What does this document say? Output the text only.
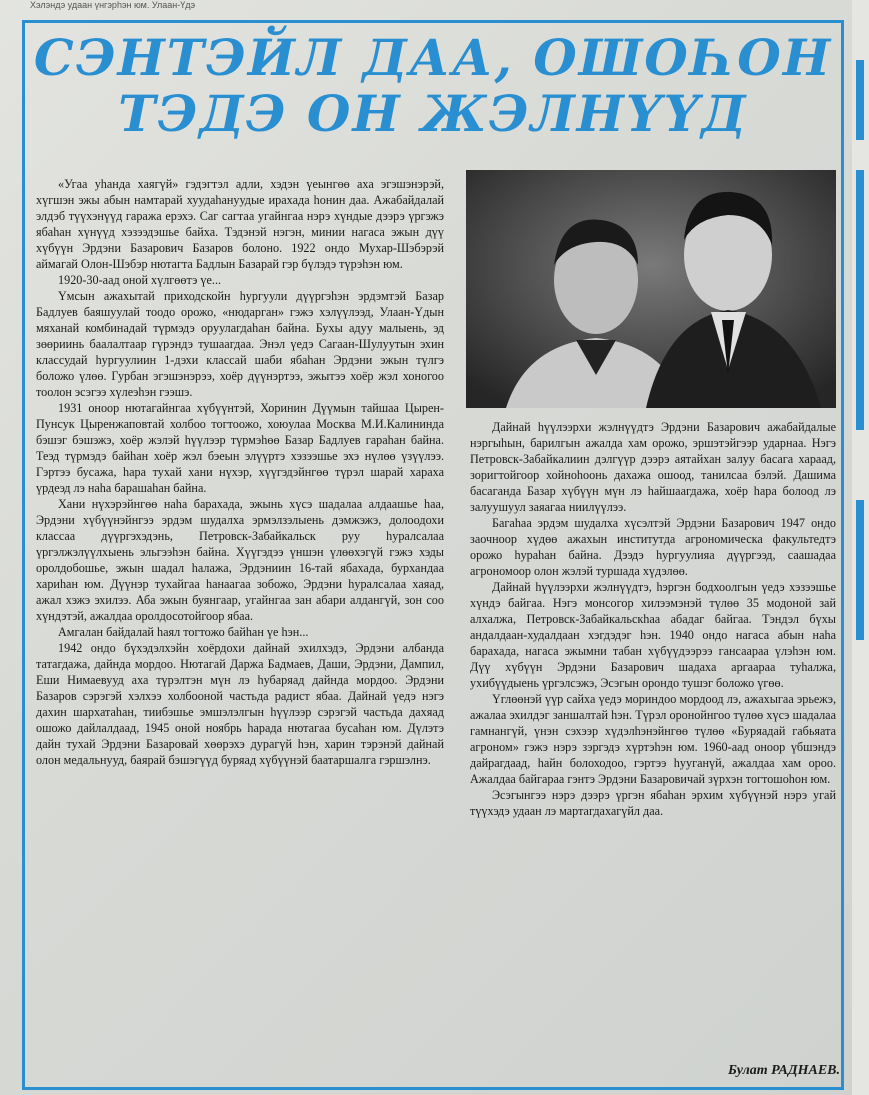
Хэлэндэ удаан үнгэрһэн юм. Улаан-Үдэ
СЭНТЭЙЛ ДАА, ОШОҺОН
ТЭДЭ ОН ЖЭЛНҮҮД

«Угаа уһанда хаягүй» гэдэгтэл адли, хэдэн үеынгөө аха эгэшэнэрэй, хүгшэн эжы абын намтарай хуудаһануудые ирахада һонин даа. Ажабайдалай элдэб түүхэнүүд гаража ерэхэ. Саг сагтаа угайнгаа нэрэ хүндые дээрэ үргэжэ ябаһан хүнүүд хэзээдэшье байха. Тэдэнэй нэгэн, минии нагаса эжын дүү хүбүүн Эрдэни Базарович Базаров болоно. 1922 ондо Мухар-Шэбэрэй аймагай Олон-Шэбэр нютагта Бадлын Базарай гэр бүлэдэ түрэһэн юм.

1920-30-аад оной хүлгөөтэ үе...

Үмсын ажахытай приходскойн һургуули дүүргэһэн эрдэмтэй Базар Бадлуев баяшуулай тоодо орожо, «нюдарган» гэжэ хэлүүлээд, Улаан-Үдын мяханай комбинадай түрмэдэ оруулагдаһан байна. Бухы адуу малыень, эд зөөриинь баалалтаар гүрэндэ тушаагдаа. Энэл үедэ Сагаан-Шулуутын эхин классудай һургуулиин 1-дэхи классай шаби ябаһан Эрдэни эжын түлгэ боложо үлөө. Гурбан эгэшэнэрээ, хоёр дүүнэртээ, эжытээ хоёр жэл хоногоо тоолон эсэгээ хүлеэһэн гээшэ.

1931 оноор нютагайнгаа хүбүүнтэй, Хоринин Дүүмын тайшаа Цырен-Пунсук Цыренжаповтай холбоо тогтоожо, хоюулаа Москва М.И.Калининда бэшэг бэшэжэ, хоёр жэлэй һүүлээр түрмэһөө Базар Бадлуев гараһан байна. Теэд түрмэдэ байһан хоёр жэл бэеын элүүртэ хэзээшье эхэ нүлөө үзүүлээ. Гэртээ бусажа, һара тухай хани нүхэр, хүүгэдэйнгөө түрэл шарай хараха үрдеэд лэ наһа барашаһан байна.

Хани нүхэрэйнгөө наһа барахада, эжынь хүсэ шадалаа алдаашье һаа, Эрдэни хүбүүнэйнгээ эрдэм шудалха эрмэлзэлыень дэмжэжэ, долоодохи классаа дүүргэхэдэнь, Петровск-Забайкальск руу һуралсалаа үргэлжэлүүлхыень эльгээһэн байна. Хүүгэдээ үншэн үлөөхэгүй гэжэ хэды оролдобошье, эжын шадал һалажа, Эрдэниин 16-тай ябахада, бурхандаа хариһан юм. Дүүнэр тухайгаа һанаагаа зобожо, Эрдэни һуралсалаа хаяад, ажал хэжэ эхилээ. Аба эжын буянгаар, угайнгаа зан абари алдангүй, зон соо хүндэтэй, ажалдаа оролдосотойгоор ябаа.

Амгалан байдалай һаял тогтожо байһан үе һэн...

1942 ондо бүхэдэлхэйн хоёрдохи дайнай эхилхэдэ, Эрдэни албанда татагдажа, дайнда мордоо. Нютагай Даржа Бадмаев, Даши, Эрдэни, Дампил, Еши Нимаевууд аха түрэлтэн мүн лэ һубаряад дайнда мордоо. Эрдэни Базаров сэрэгэй хэлхээ холбооной частьда радист ябаа. Дайнай үедэ нэгэ дахин шархатаһан, тиибэшье эмшэлэлгын һүүлээр сэрэгэй частьда дахяад ошожо дайлалдаад, 1945 оной ноябрь һарада нютагаа бусаһан юм. Дүлэтэ дайн тухай Эрдэни Базаровай хөөрэхэ дурагүй һэн, харин тэрэнэй дайнай олон медальнууд, баярай бэшэгүүд буряад хүбүүнэй баатаршалга гэршэлнэ.

Дайнай һүүлээрхи жэлнүүдтэ Эрдэни Базарович ажабайдалые нэргыһын, барилгын ажалда хам орожо, эршэтэйгээр ударнаа. Нэгэ Петровск-Забайкалиин дэлгүүр дээрэ аятайхан залуу басага хараад, зоригтойгоор хойноһоонь дахажа ошоод, танилсаа бэлэй. Дашима басаганда Базар хүбүүн мүн лэ һайшаагдажа, хоёр һара болоод лэ залуушуул заяагаа ниилүүлээ.

Багаһаа эрдэм шудалха хүсэлтэй Эрдэни Базарович 1947 ондо заочноор хүдөө ажахын институтда агрономическа факультедтэ орожо һураһан байна. Дээдэ һургуулияа дүүргээд, саашадаа агрономоор олон жэлэй туршада хүдэлөө.

Дайнай һүүлээрхи жэлнүүдтэ, һэргэн бодхоолгын үедэ хэзээшье хүндэ байгаа. Нэгэ монсогор хилээмэнэй түлөө 35 модоной зай алхалжа, Петровск-Забайкальскһаа абадаг байгаа. Тэндэл бүхы андалдаан-худалдаан хэгдэдэг һэн. 1940 ондо нагаса абын наһа барахада, нагаса эжымни табан хүбүүдээрээ гансаараа үлэһэн юм. Дүү хүбүүн Эрдэни Базарович шадаха аргаараа туһалжа, ухибүүдыень үргэлсэжэ, Эсэгын орондо тушэг боложо үгөө.

Үглөөнэй үүр сайха үедэ мориндоо мордоод лэ, ажахыгаа эрьежэ, ажалаа эхилдэг заншалтай һэн. Түрэл оронойнгоо түлөө хүсэ шадалаа гамнангүй, үнэн сэхээр хүдэлһэнэйнгөө түлөө «Буряадай габьяата агроном» гэжэ нэрэ зэргэдэ хүртэһэн юм. 1960-аад оноор үбшэндэ дайрагдаад, һайн болоходоо, гэртээ һууганүй, ажалдаа хам ороо. Ажалдаа байгараа гэнтэ Эрдэни Базаровичай зүрхэн тогтошоһон юм.

Эсэгынгээ нэрэ дээрэ үргэн ябаһан эрхим хүбүүнэй нэрэ угай түүхэдэ удаан лэ мартагдахагүйл даа.

Булат РАДНАЕВ.
